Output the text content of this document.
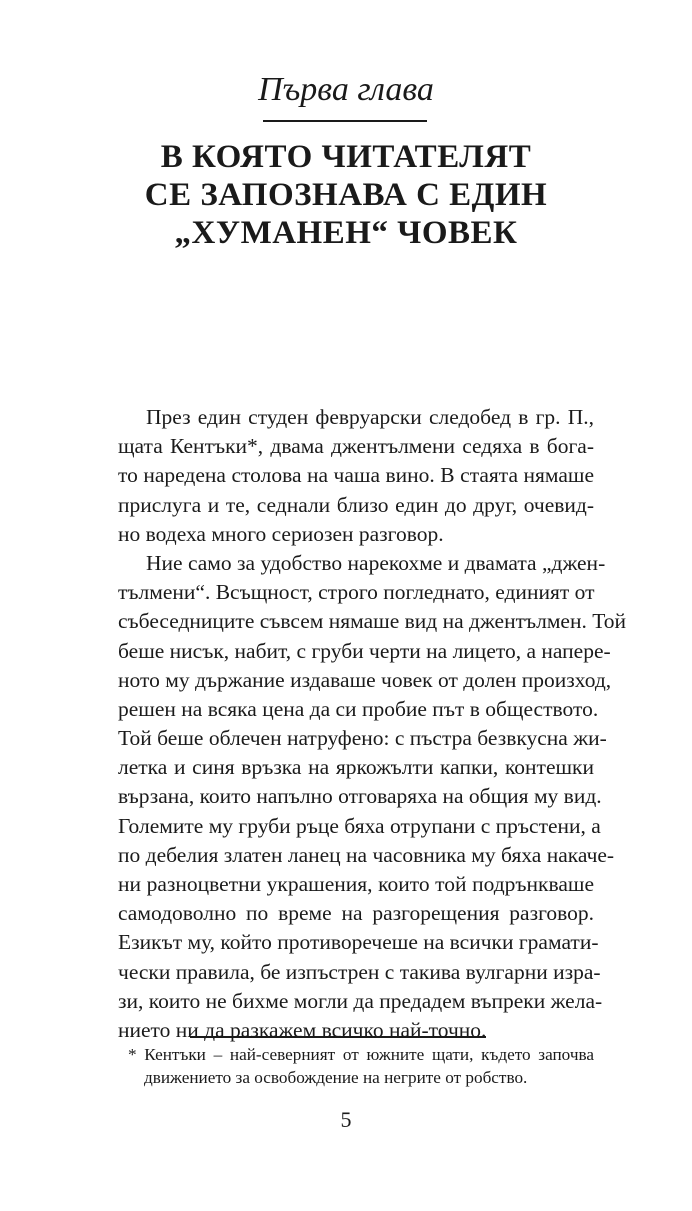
Първа глава
В КОЯТО ЧИТАТЕЛЯТ
СЕ ЗАПОЗНАВА С ЕДИН
„ХУМАНЕН“ ЧОВЕК
През един студен февруарски следобед в гр. П.,
щата Кентъки*, двама джентълмени седяха в бога-
то наредена столова на чаша вино. В стаята нямаше
прислуга и те, седнали близо един до друг, очевид-
но водеха много сериозен разговор.
Ние само за удобство нарекохме и двамата „джен-
тълмени“. Всъщност, строго погледнато, единият от
събеседниците съвсем нямаше вид на джентълмен. Той
беше нисък, набит, с груби черти на лицето, а напере-
ното му държание издаваше човек от долен произход,
решен на всяка цена да си пробие път в обществото.
Той беше облечен натруфено: с пъстра безвкусна жи-
летка и синя връзка на яркожълти капки, контешки
вързана, които напълно отговаряха на общия му вид.
Големите му груби ръце бяха отрупани с пръстени, а
по дебелия златен ланец на часовника му бяха накаче-
ни разноцветни украшения, които той подрънкваше
самодоволно по време на разгорещения разговор.
Езикът му, който противоречеше на всички грамати-
чески правила, бе изпъстрен с такива вулгарни изра-
зи, които не бихме могли да предадем въпреки жела-
нието ни да разкажем всичко най-точно.
* Кентъки – най-северният от южните щати, където започва
движението за освобождение на негрите от робство.
5
